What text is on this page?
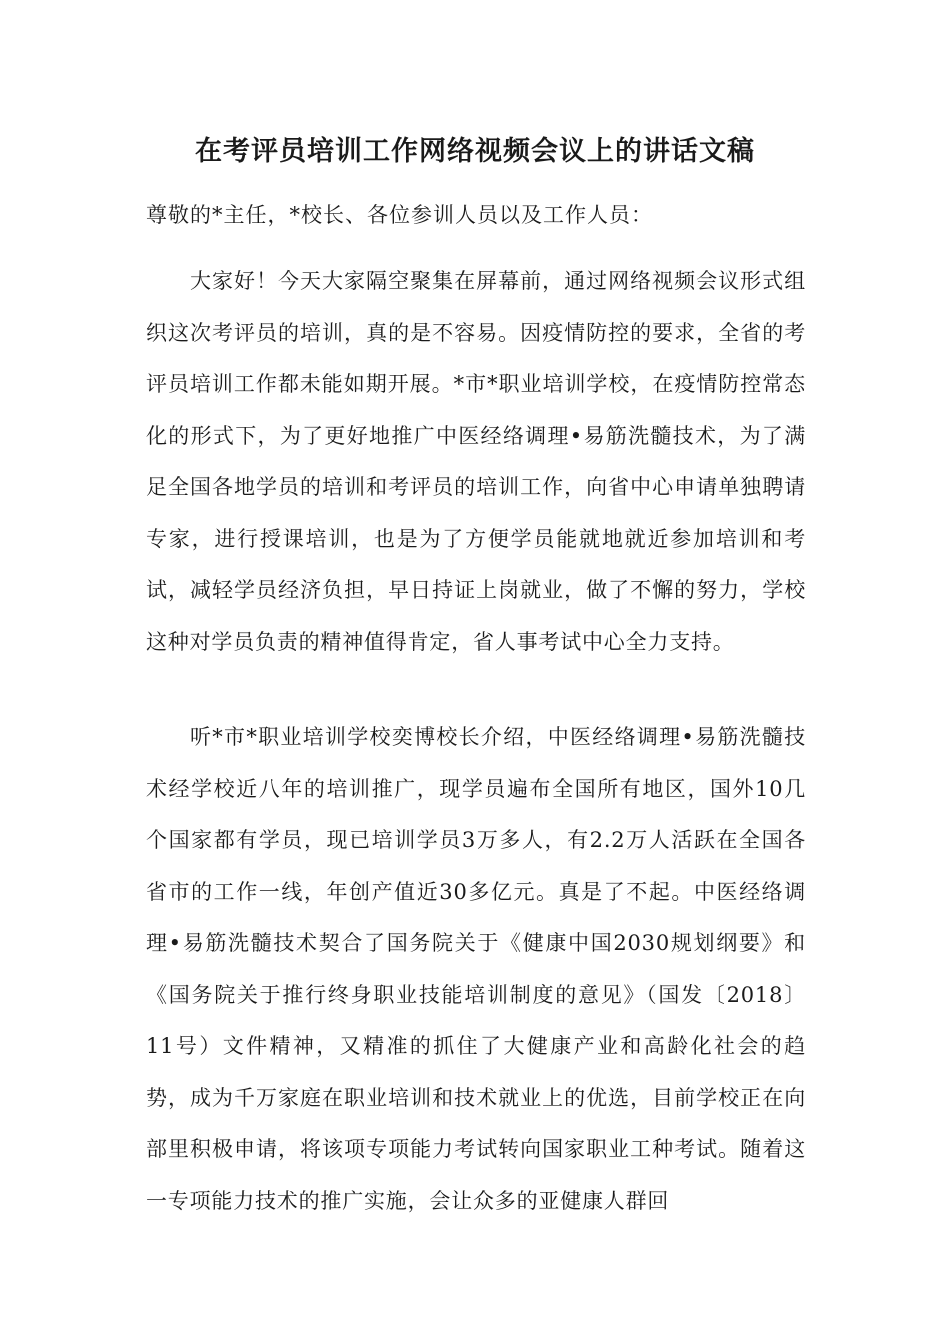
在考评员培训工作网络视频会议上的讲话文稿

尊敬的*主任，*校长、各位参训人员以及工作人员：

大家好！今天大家隔空聚集在屏幕前，通过网络视频会议形式组织这次考评员的培训，真的是不容易。因疫情防控的要求，全省的考评员培训工作都未能如期开展。*市*职业培训学校，在疫情防控常态化的形式下，为了更好地推广中医经络调理•易筋洗髓技术，为了满足全国各地学员的培训和考评员的培训工作，向省中心申请单独聘请专家，进行授课培训，也是为了方便学员能就地就近参加培训和考试，减轻学员经济负担，早日持证上岗就业，做了不懈的努力，学校这种对学员负责的精神值得肯定，省人事考试中心全力支持。

听*市*职业培训学校奕博校长介绍，中医经络调理•易筋洗髓技术经学校近八年的培训推广，现学员遍布全国所有地区，国外10几个国家都有学员，现已培训学员3万多人，有2.2万人活跃在全国各省市的工作一线，年创产值近30多亿元。真是了不起。中医经络调理•易筋洗髓技术契合了国务院关于《健康中国2030规划纲要》和《国务院关于推行终身职业技能培训制度的意见》（国发〔2018〕11号）文件精神，又精准的抓住了大健康产业和高龄化社会的趋势，成为千万家庭在职业培训和技术就业上的优选，目前学校正在向部里积极申请，将该项专项能力考试转向国家职业工种考试。随着这一专项能力技术的推广实施，会让众多的亚健康人群回
